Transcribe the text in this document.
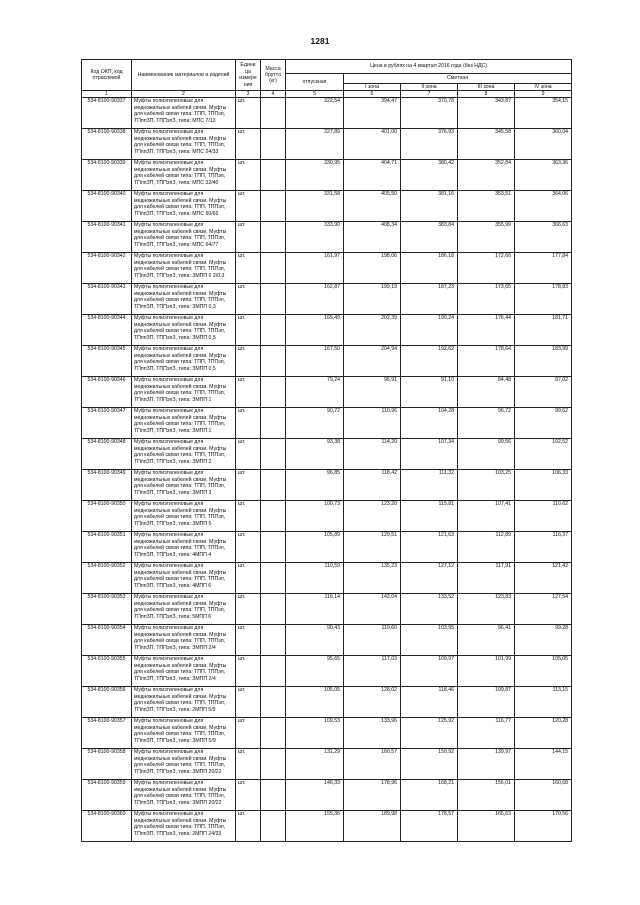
1281
Код ОКП, код отраслевой	Наименование материалов и изделий	Едини ца измере ния	Масса брутто (кг)	Цена в рублях на 4 квартал 2016 года (без НДС)				
				отпускная	Сметная			
					I зона	II зона	III зона	IV зона
1	2	3	4	5	6	7	8	9
534-8100-90337	Муфты полиэтиленовые для медножильных кабелей связи. Муфты для кабелей связи типа: ТПП, ТППэп, ТПппЗП, ТППэпЗ, типа: МПС 7/13	шт.		322,54	394,47	370,78	343,87	354,15
534-8100-90338	Муфты полиэтиленовые для медножильных кабелей связи. Муфты для кабелей связи типа: ТПП, ТППэп, ТПппЗП, ТППэпЗ, типа: МПС 24/33	шт.		327,89	401,00	376,93	345,58	360,04
534-8100-90339	Муфты полиэтиленовые для медножильных кабелей связи. Муфты для кабелей связи типа: ТПП, ТППэп, ТПппЗП, ТППэпЗ, типа: МПС 32/40	шт.		330,95	404,71	380,42	352,84	363,36
534-8100-90340	Муфты полиэтиленовые для медножильных кабелей связи. Муфты для кабелей связи типа: ТПП, ТППэп, ТПппЗП, ТППэпЗ, типа: МПС 60/66	шт.		331,58	405,50	381,16	353,51	364,06
534-8100-90341	Муфты полиэтиленовые для медножильных кабелей связи. Муфты для кабелей связи типа: ТПП, ТППэп, ТПппЗП, ТППэпЗ, типа: МПС 64/77	шт.		333,90	408,34	383,84	355,99	366,63
534-8100-90342	Муфты полиэтиленовые для медножильных кабелей связи. Муфты для кабелей связи типа: ТПП, ТППэп, ТПппЗП, ТППэпЗ, типа: ЗМПП 0 2/0,3	шт.		161,97	198,06	186,18	172,66	177,84
534-8100-90343	Муфты полиэтиленовые для медножильных кабелей связи. Муфты для кабелей связи типа: ТПП, ТППэп, ТПппЗП, ТППэпЗ, типа: ЗМПП 0,3	шт.		162,87	199,19	187,23	173,65	178,83
534-8100-90344	Муфты полиэтиленовые для медножильных кабелей связи. Муфты для кабелей связи типа: ТПП, ТППэп, ТПппЗП, ТППэпЗ, типа: ЗМПП 0,5	шт.		165,49	202,39	190,24	176,44	181,71
534-8100-90345	Муфты полиэтиленовые для медножильных кабелей связи. Муфты для кабелей связи типа: ТПП, ТППэп, ТПппЗП, ТППэпЗ, типа: ЗМПП 0,5	шт.		167,50	204,94	192,62	178,64	183,99
534-8100-90346	Муфты полиэтиленовые для медножильных кабелей связи. Муфты для кабелей связи типа: ТПП, ТППэп, ТПппЗП, ТППэпЗ, типа: ЗМПП 1	шт.		79,24	96,91	91,10	84,48	87,02
534-8100-90347	Муфты полиэтиленовые для медножильных кабелей связи. Муфты для кабелей связи типа: ТПП, ТППэп, ТПппЗП, ТППэпЗ, типа: ЗМПП 1	шт.		90,72	110,96	104,28	96,72	99,62
534-8100-90348	Муфты полиэтиленовые для медножильных кабелей связи. Муфты для кабелей связи типа: ТПП, ТППэп, ТПппЗП, ТППэпЗ, типа: ЗМПП 2	шт.		93,38	114,20	107,34	99,56	102,52
534-8100-90349	Муфты полиэтиленовые для медножильных кабелей связи. Муфты для кабелей связи типа: ТПП, ТППэп, ТПппЗП, ТППэпЗ, типа: ЗМПП 3	шт.		96,85	118,42	111,32	103,25	106,33
534-8100-90350	Муфты полиэтиленовые для медножильных кабелей связи. Муфты для кабелей связи типа: ТПП, ТППэп, ТПппЗП, ТППэпЗ, типа: ЗМПП 5	шт.		100,73	123,20	115,81	107,41	110,62
534-8100-90351	Муфты полиэтиленовые для медножильных кабелей связи. Муфты для кабелей связи типа: ТПП, ТППэп, ТПппЗП, ТППэпЗ, типа: 4МПП 4	шт.		105,89	129,51	121,63	112,89	116,37
534-8100-90352	Муфты полиэтиленовые для медножильных кабелей связи. Муфты для кабелей связи типа: ТПП, ТППэп, ТПппЗП, ТППэпЗ, типа: 4МПП 6	шт.		110,59	135,23	127,12	117,91	121,42
534-8100-90353	Муфты полиэтиленовые для медножильных кабелей связи. Муфты для кабелей связи типа: ТПП, ТППэп, ТПппЗП, ТППэпЗ, типа: 5МПП 6	шт.		116,14	142,04	133,52	123,83	127,54
534-8100-90354	Муфты полиэтиленовые для медножильных кабелей связи. Муфты для кабелей связи типа: ТПП, ТППэп, ТПппЗП, ТППэпЗ, типа: ЗМПП 2/4	шт.		90,43	110,60	103,95	96,41	99,28
534-8100-90355	Муфты полиэтиленовые для медножильных кабелей связи. Муфты для кабелей связи типа: ТПП, ТППэп, ТПппЗП, ТППэпЗ, типа: ЗМПП 2/4	шт.		95,65	117,03	109,97	101,99	105,05
534-8100-90356	Муфты полиэтиленовые для медножильных кабелей связи. Муфты для кабелей связи типа: ТПП, ТППэп, ТПппЗП, ТППэпЗ, типа: 2МПП 5/9	шт.		105,05	128,02	118,46	109,87	113,15
534-8100-90357	Муфты полиэтиленовые для медножильных кабелей связи. Муфты для кабелей связи типа: ТПП, ТППэп, ТПппЗП, ТППэпЗ, типа: ЗМПП 5/9	шт.		109,53	133,96	125,92	116,77	120,28
534-8100-90358	Муфты полиэтиленовые для медножильных кабелей связи. Муфты для кабелей связи типа: ТПП, ТППэп, ТПппЗП, ТППэпЗ, типа: ЗМПП 20/22	шт.		131,29	160,57	150,92	139,97	144,15
534-8100-90359	Муфты полиэтиленовые для медножильных кабелей связи. Муфты для кабелей связи типа: ТПП, ТППэп, ТПппЗП, ТППэпЗ, типа: ЗМПП 20/22	шт.		146,33	178,96	168,21	156,01	160,68
534-8100-90360	Муфты полиэтиленовые для медножильных кабелей связи. Муфты для кабелей связи типа: ТПП, ТППэп, ТПппЗП, ТППэпЗ, типа: 2МПП 24/33	шт.		155,36	189,98	178,57	165,63	170,56
